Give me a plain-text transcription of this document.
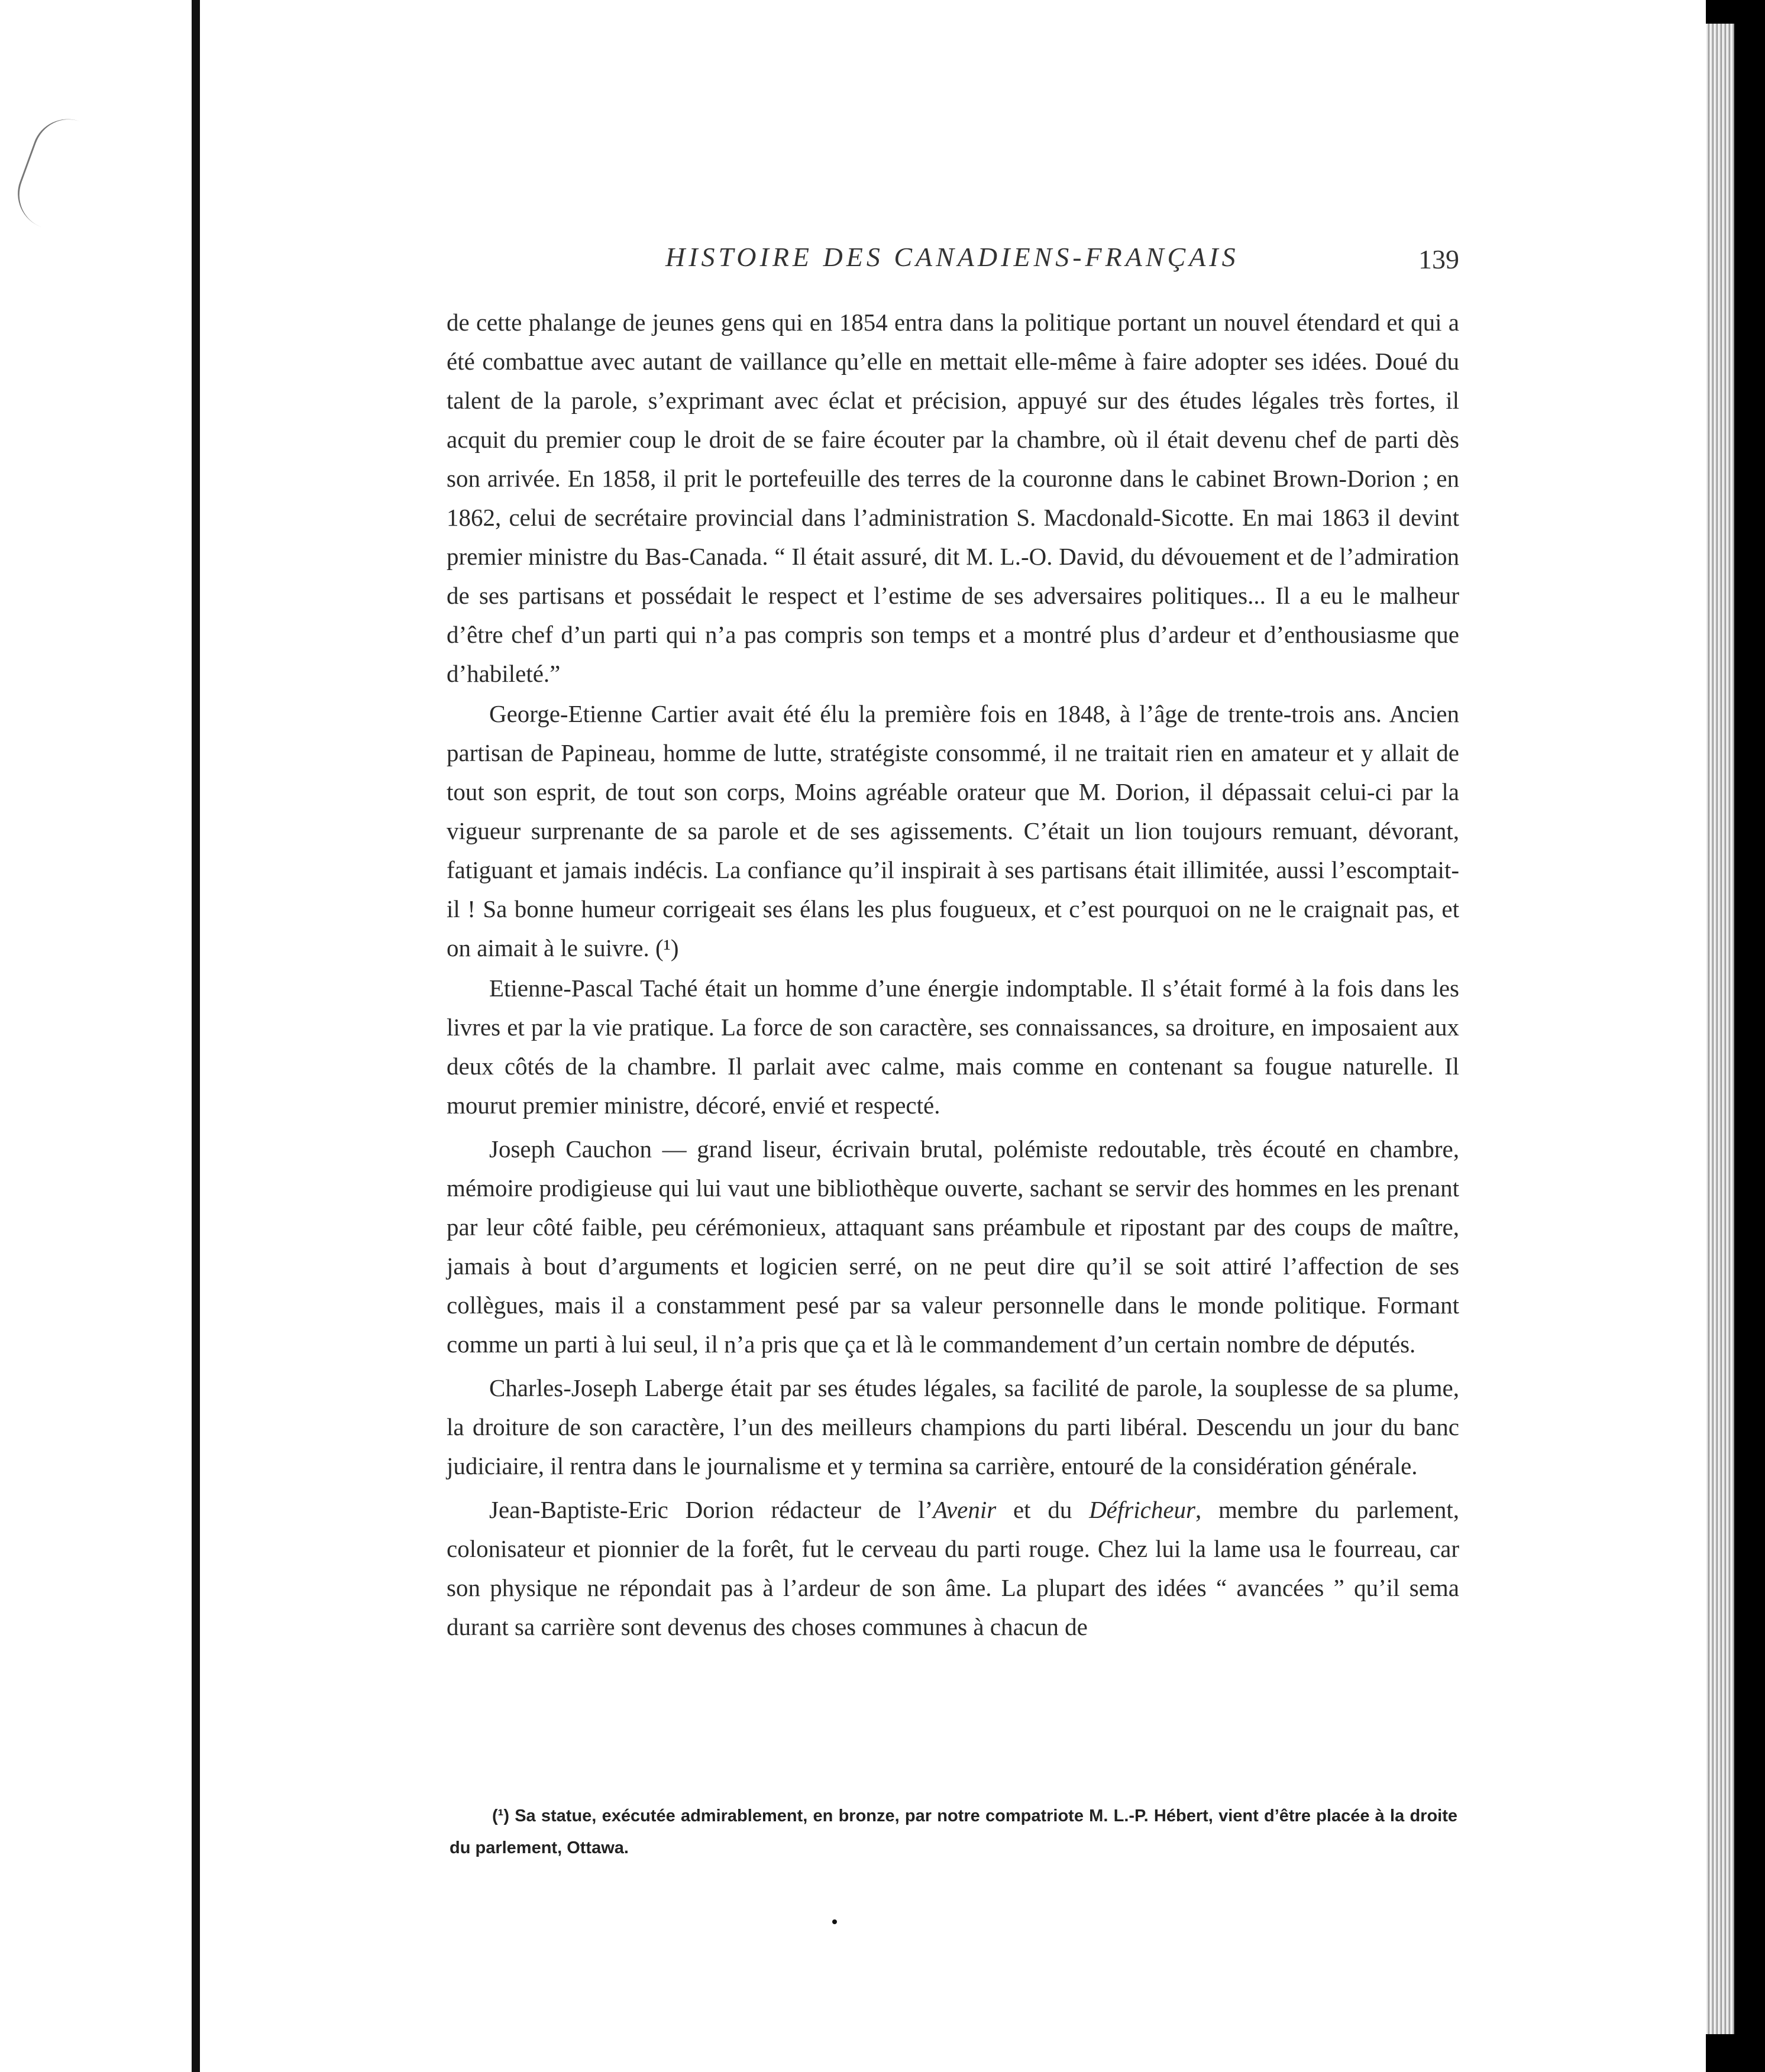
HISTOIRE DES CANADIENS-FRANÇAIS	139

de cette phalange de jeunes gens qui en 1854 entra dans la politique portant un nouvel étendard et qui a été combattue avec autant de vaillance qu’elle en mettait elle-même à faire adopter ses idées. Doué du talent de la parole, s’exprimant avec éclat et précision, appuyé sur des études légales très fortes, il acquit du premier coup le droit de se faire écouter par la chambre, où il était devenu chef de parti dès son arrivée. En 1858, il prit le portefeuille des terres de la couronne dans le cabinet Brown-Dorion ; en 1862, celui de secrétaire provincial dans l’administration S. Macdonald-Sicotte. En mai 1863 il devint premier ministre du Bas-Canada. “ Il était assuré, dit M. L.-O. David, du dévouement et de l’admiration de ses partisans et possédait le respect et l’estime de ses adversaires politiques... Il a eu le malheur d’être chef d’un parti qui n’a pas compris son temps et a montré plus d’ardeur et d’enthousiasme que d’habileté.”

George-Etienne Cartier avait été élu la première fois en 1848, à l’âge de trente-trois ans. Ancien partisan de Papineau, homme de lutte, stratégiste consommé, il ne traitait rien en amateur et y allait de tout son esprit, de tout son corps, Moins agréable orateur que M. Dorion, il dépassait celui-ci par la vigueur surprenante de sa parole et de ses agissements. C’était un lion toujours remuant, dévorant, fatiguant et jamais indécis. La confiance qu’il inspirait à ses partisans était illimitée, aussi l’escomptait-il ! Sa bonne humeur corrigeait ses élans les plus fougueux, et c’est pourquoi on ne le craignait pas, et on aimait à le suivre. (¹)

Etienne-Pascal Taché était un homme d’une énergie indomptable. Il s’était formé à la fois dans les livres et par la vie pratique. La force de son caractère, ses connaissances, sa droiture, en imposaient aux deux côtés de la chambre. Il parlait avec calme, mais comme en contenant sa fougue naturelle. Il mourut premier ministre, décoré, envié et respecté.

Joseph Cauchon — grand liseur, écrivain brutal, polémiste redoutable, très écouté en chambre, mémoire prodigieuse qui lui vaut une bibliothèque ouverte, sachant se servir des hommes en les prenant par leur côté faible, peu cérémonieux, attaquant sans préambule et ripostant par des coups de maître, jamais à bout d’arguments et logicien serré, on ne peut dire qu’il se soit attiré l’affection de ses collègues, mais il a constamment pesé par sa valeur personnelle dans le monde politique. Formant comme un parti à lui seul, il n’a pris que ça et là le commandement d’un certain nombre de députés.

Charles-Joseph Laberge était par ses études légales, sa facilité de parole, la souplesse de sa plume, la droiture de son caractère, l’un des meilleurs champions du parti libéral. Descendu un jour du banc judiciaire, il rentra dans le journalisme et y termina sa carrière, entouré de la considération générale.

Jean-Baptiste-Eric Dorion rédacteur de l’Avenir et du Défricheur, membre du parlement, colonisateur et pionnier de la forêt, fut le cerveau du parti rouge. Chez lui la lame usa le fourreau, car son physique ne répondait pas à l’ardeur de son âme. La plupart des idées “ avancées ” qu’il sema durant sa carrière sont devenus des choses communes à chacun de

(¹) Sa statue, exécutée admirablement, en bronze, par notre compatriote M. L.-P. Hébert, vient d’être placée à la droite du parlement, Ottawa.
